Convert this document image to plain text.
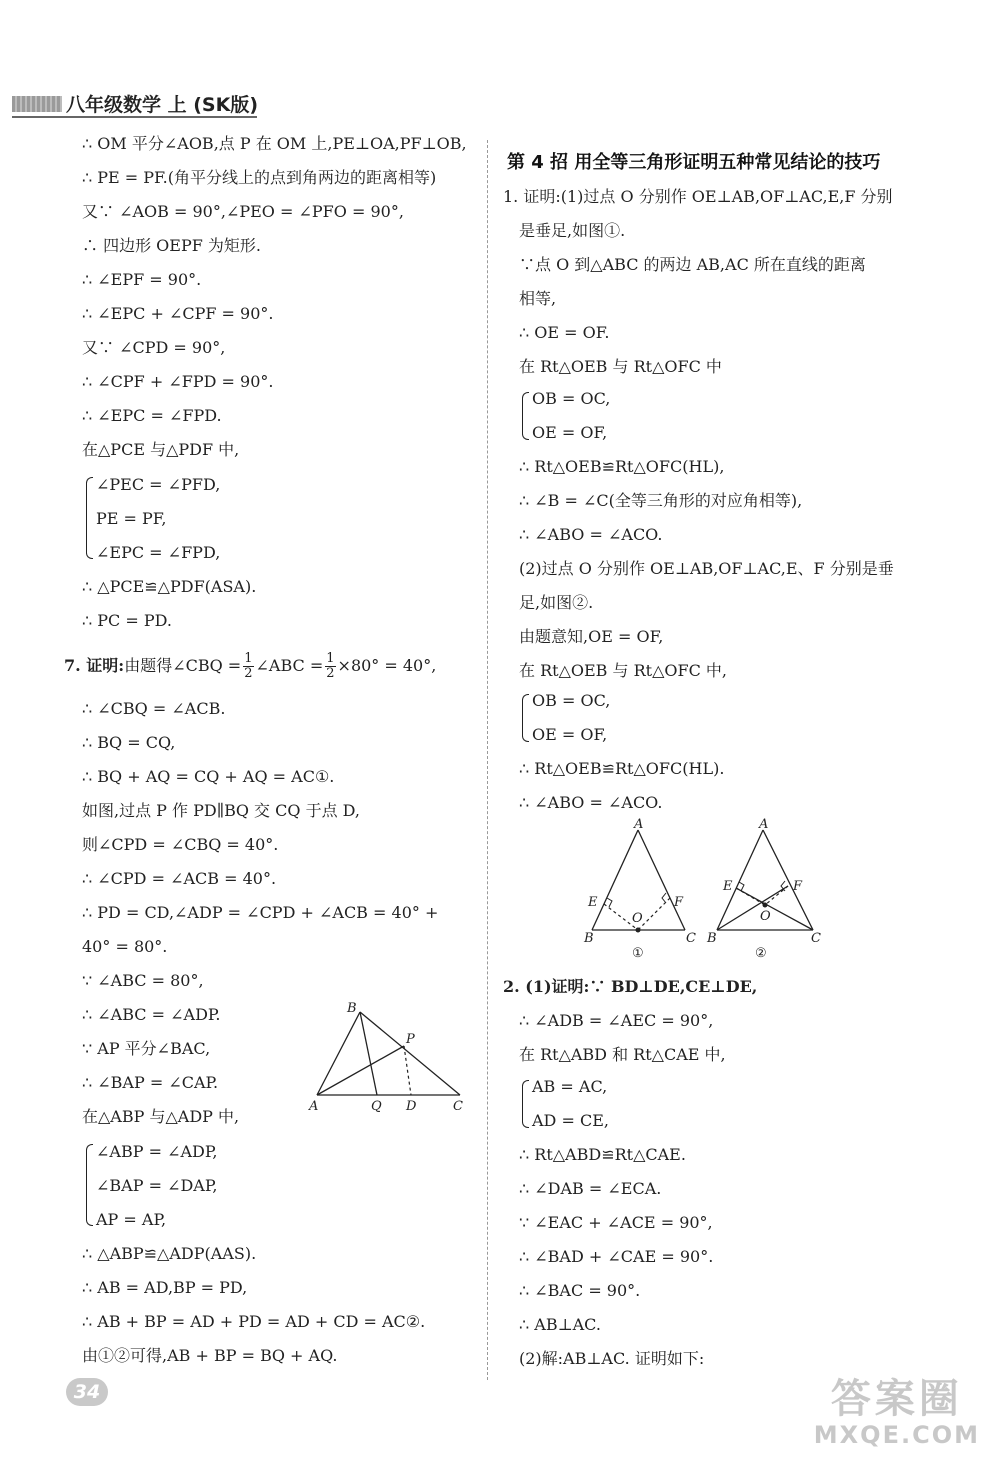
八年级数学 上 (SK版)
∴ OM 平分∠AOB,点 P 在 OM 上,PE⊥OA,PF⊥OB,
∴ PE = PF.(角平分线上的点到角两边的距离相等)
又∵ ∠AOB = 90°,∠PEO = ∠PFO = 90°,
∴ 四边形 OEPF 为矩形.
∴ ∠EPF = 90°.
∴ ∠EPC + ∠CPF = 90°.
又∵ ∠CPD = 90°,
∴ ∠CPF + ∠FPD = 90°.
∴ ∠EPC = ∠FPD.
在△PCE 与△PDF 中,
∠PEC = ∠PFD,
PE = PF,
∠EPC = ∠FPD,
∴ △PCE≌△PDF(ASA).
∴ PC = PD.
7. 证明:由题得∠CBQ = $\frac{1}{2}$ ∠ABC = $\frac{1}{2} \times 80^\circ = 40^\circ$,
∴ ∠CBQ = ∠ACB.
∴ BQ = CQ,
∴ BQ + AQ = CQ + AQ = AC①.
如图,过点 P 作 PD∥BQ 交 CQ 于点 D,
则∠CPD = ∠CBQ = 40°.
∴ ∠CPD = ∠ACB = 40°.
∴ PD = CD,∠ADP = ∠CPD + ∠ACB = 40° +
40° = 80°.
∵ ∠ABC = 80°,
∴ ∠ABC = ∠ADP.
∵ AP 平分∠BAC,
∴ ∠BAP = ∠CAP.
在△ABP 与△ADP 中,
∠ABP = ∠ADP,
∠BAP = ∠DAP,
AP = AP,
∴ △ABP≌△ADP(AAS).
∴ AB = AD,BP = PD,
∴ AB + BP = AD + PD = AD + CD = AC②.
由①②可得,AB + BP = BQ + AQ.
B
P
A	Q D	C
第 4 招 用全等三角形证明五种常见结论的技巧
1. 证明:(1)过点 O 分别作 OE⊥AB,OF⊥AC,E,F 分别
是垂足,如图①.
∵点 O 到△ABC 的两边 AB,AC 所在直线的距离
相等,
∴ OE = OF.
在 Rt△OEB 与 Rt△OFC 中
OB = OC,
OE = OF,
∴ Rt△OEB≌Rt△OFC(HL),
∴ ∠B = ∠C(全等三角形的对应角相等),
∴ ∠ABO = ∠ACO.
(2)过点 O 分别作 OE⊥AB,OF⊥AC,E、F 分别是垂
足,如图②.
由题意知,OE = OF,
在 Rt△OEB 与 Rt△OFC 中,
OB = OC,
OE = OF,
∴ Rt△OEB≌Rt△OFC(HL).
∴ ∠ABO = ∠ACO.
A
E	F
O
B	C
①
A
E	F
O
B	C
②
2. (1)证明:∵ BD⊥DE,CE⊥DE,
∴ ∠ADB = ∠AEC = 90°,
在 Rt△ABD 和 Rt△CAE 中,
AB = AC,
AD = CE,
∴ Rt△ABD≌Rt△CAE.
∴ ∠DAB = ∠ECA.
∵ ∠EAC + ∠ACE = 90°,
∴ ∠BAD + ∠CAE = 90°.
∴ ∠BAC = 90°.
∴ AB⊥AC.
(2)解:AB⊥AC. 证明如下:
34	答案圈
MXQE.COM
